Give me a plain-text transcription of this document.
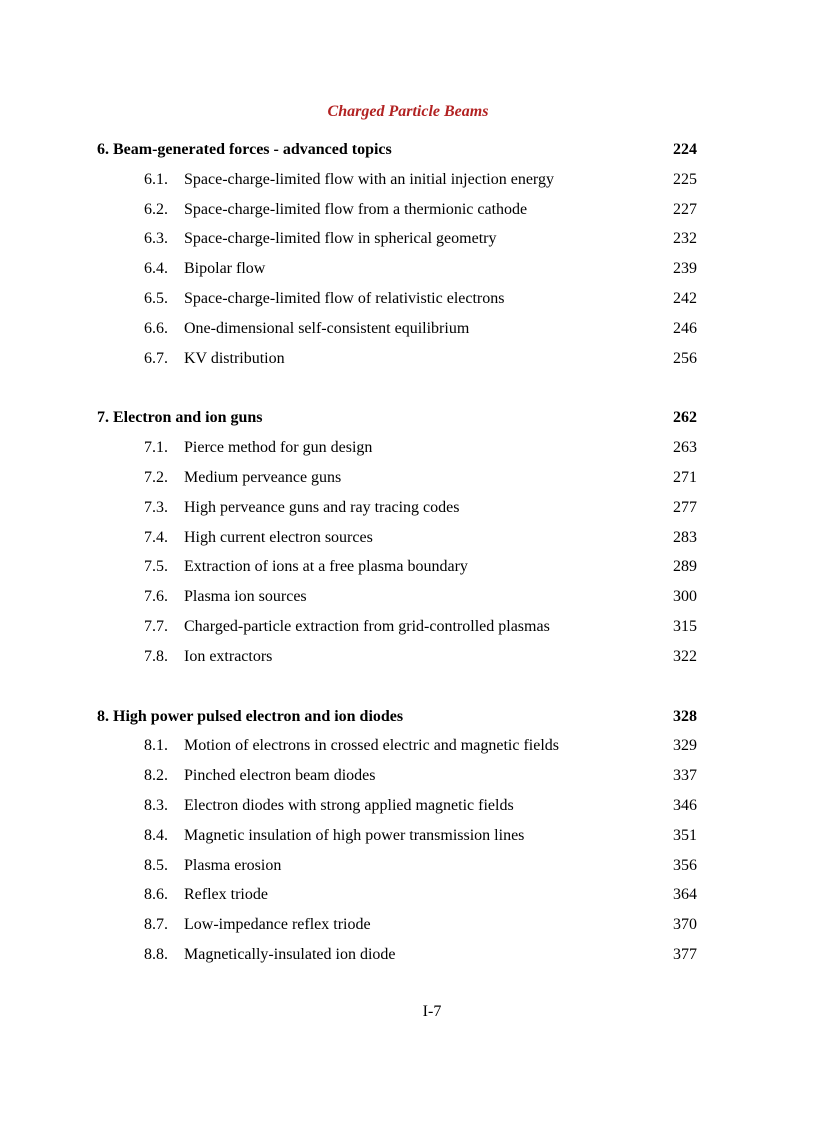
Charged Particle Beams
6. Beam-generated forces - advanced topics	224
6.1. Space-charge-limited flow with an initial injection energy	225
6.2. Space-charge-limited flow from a thermionic cathode	227
6.3. Space-charge-limited flow in spherical geometry	232
6.4. Bipolar flow	239
6.5. Space-charge-limited flow of relativistic electrons	242
6.6. One-dimensional self-consistent equilibrium	246
6.7. KV distribution	256
7. Electron and ion guns	262
7.1. Pierce method for gun design	263
7.2. Medium perveance guns	271
7.3. High perveance guns and ray tracing codes	277
7.4. High current electron sources	283
7.5. Extraction of ions at a free plasma boundary	289
7.6. Plasma ion sources	300
7.7. Charged-particle extraction from grid-controlled plasmas	315
7.8. Ion extractors	322
8. High power pulsed electron and ion diodes	328
8.1. Motion of electrons in crossed electric and magnetic fields	329
8.2. Pinched electron beam diodes	337
8.3. Electron diodes with strong applied magnetic fields	346
8.4. Magnetic insulation of high power transmission lines	351
8.5. Plasma erosion	356
8.6. Reflex triode	364
8.7. Low-impedance reflex triode	370
8.8. Magnetically-insulated ion diode	377
I-7
